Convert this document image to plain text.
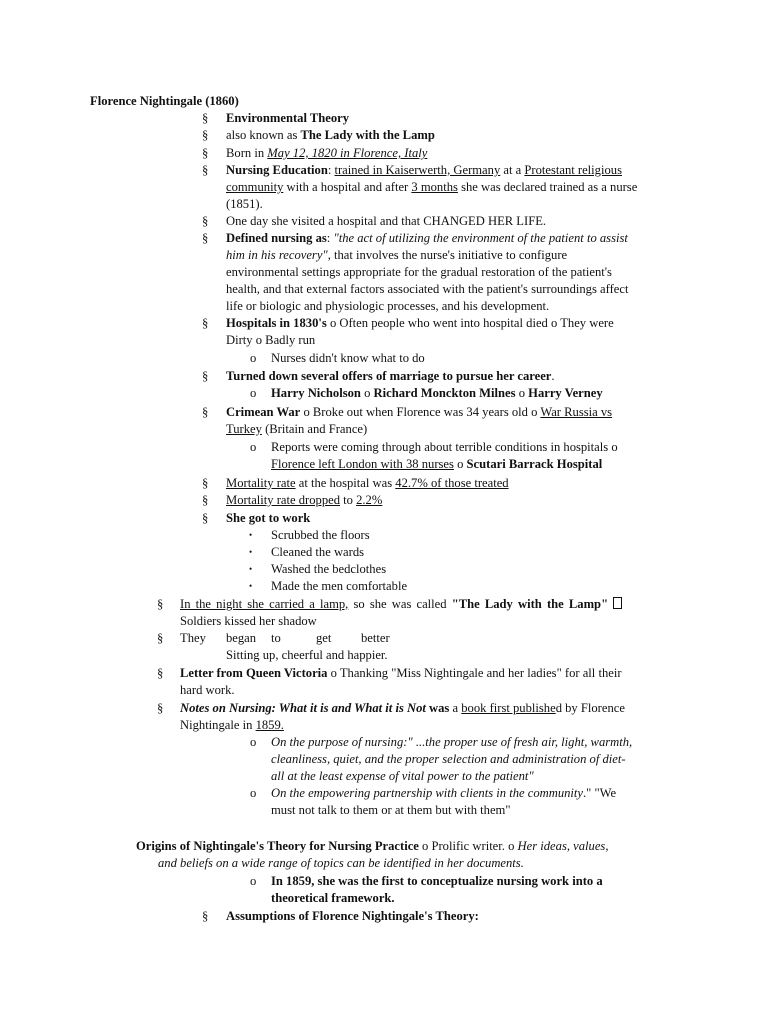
Florence Nightingale (1860)
§ Environmental Theory
§ also known as The Lady with the Lamp
§ Born in May 12, 1820 in Florence, Italy
§ Nursing Education: trained in Kaiserwerth, Germany at a Protestant religious
community with a hospital and after 3 months she was declared trained as a nurse
(1851).
§ One day she visited a hospital and that CHANGED HER LIFE.
§ Defined nursing as: "the act of utilizing the environment of the patient to assist
him in his recovery", that involves the nurse's initiative to configure
environmental settings appropriate for the gradual restoration of the patient's
health, and that external factors associated with the patient's surroundings affect
life or biologic and physiologic processes, and his development.
§ Hospitals in 1830's o Often people who went into hospital died o They were
Dirty o Badly run
o Nurses didn't know what to do
§ Turned down several offers of marriage to pursue her career.
o Harry Nicholson o Richard Monckton Milnes o Harry Verney
§ Crimean War o Broke out when Florence was 34 years old o War Russia vs
Turkey (Britain and France)
o Reports were coming through about terrible conditions in hospitals o
Florence left London with 38 nurses o Scutari Barrack Hospital
§ Mortality rate at the hospital was 42.7% of those treated
§ Mortality rate dropped to 2.2%
§ She got to work
• Scrubbed the floors
• Cleaned the wards
• Washed the bedclothes
• Made the men comfortable
§ In the night she carried a lamp, so she was called "The Lady with the Lamp"
Soldiers kissed her shadow
§ They began to	get better
Sitting up, cheerful and happier.
§ Letter from Queen Victoria o Thanking "Miss Nightingale and her ladies" for all their
hard work.
§ Notes on Nursing: What it is and What it is Not was a book first published by Florence
Nightingale in 1859.
o On the purpose of nursing:" ...the proper use of fresh air, light, warmth,
cleanliness, quiet, and the proper selection and administration of diet-
all at the least expense of vital power to the patient"
o On the empowering partnership with clients in the community." "We
must not talk to them or at them but with them"
Origins of Nightingale's Theory for Nursing Practice o Prolific writer. o Her ideas, values,
and beliefs on a wide range of topics can be identified in her documents.
o In 1859, she was the first to conceptualize nursing work into a
theoretical framework.
§ Assumptions of Florence Nightingale's Theory:
